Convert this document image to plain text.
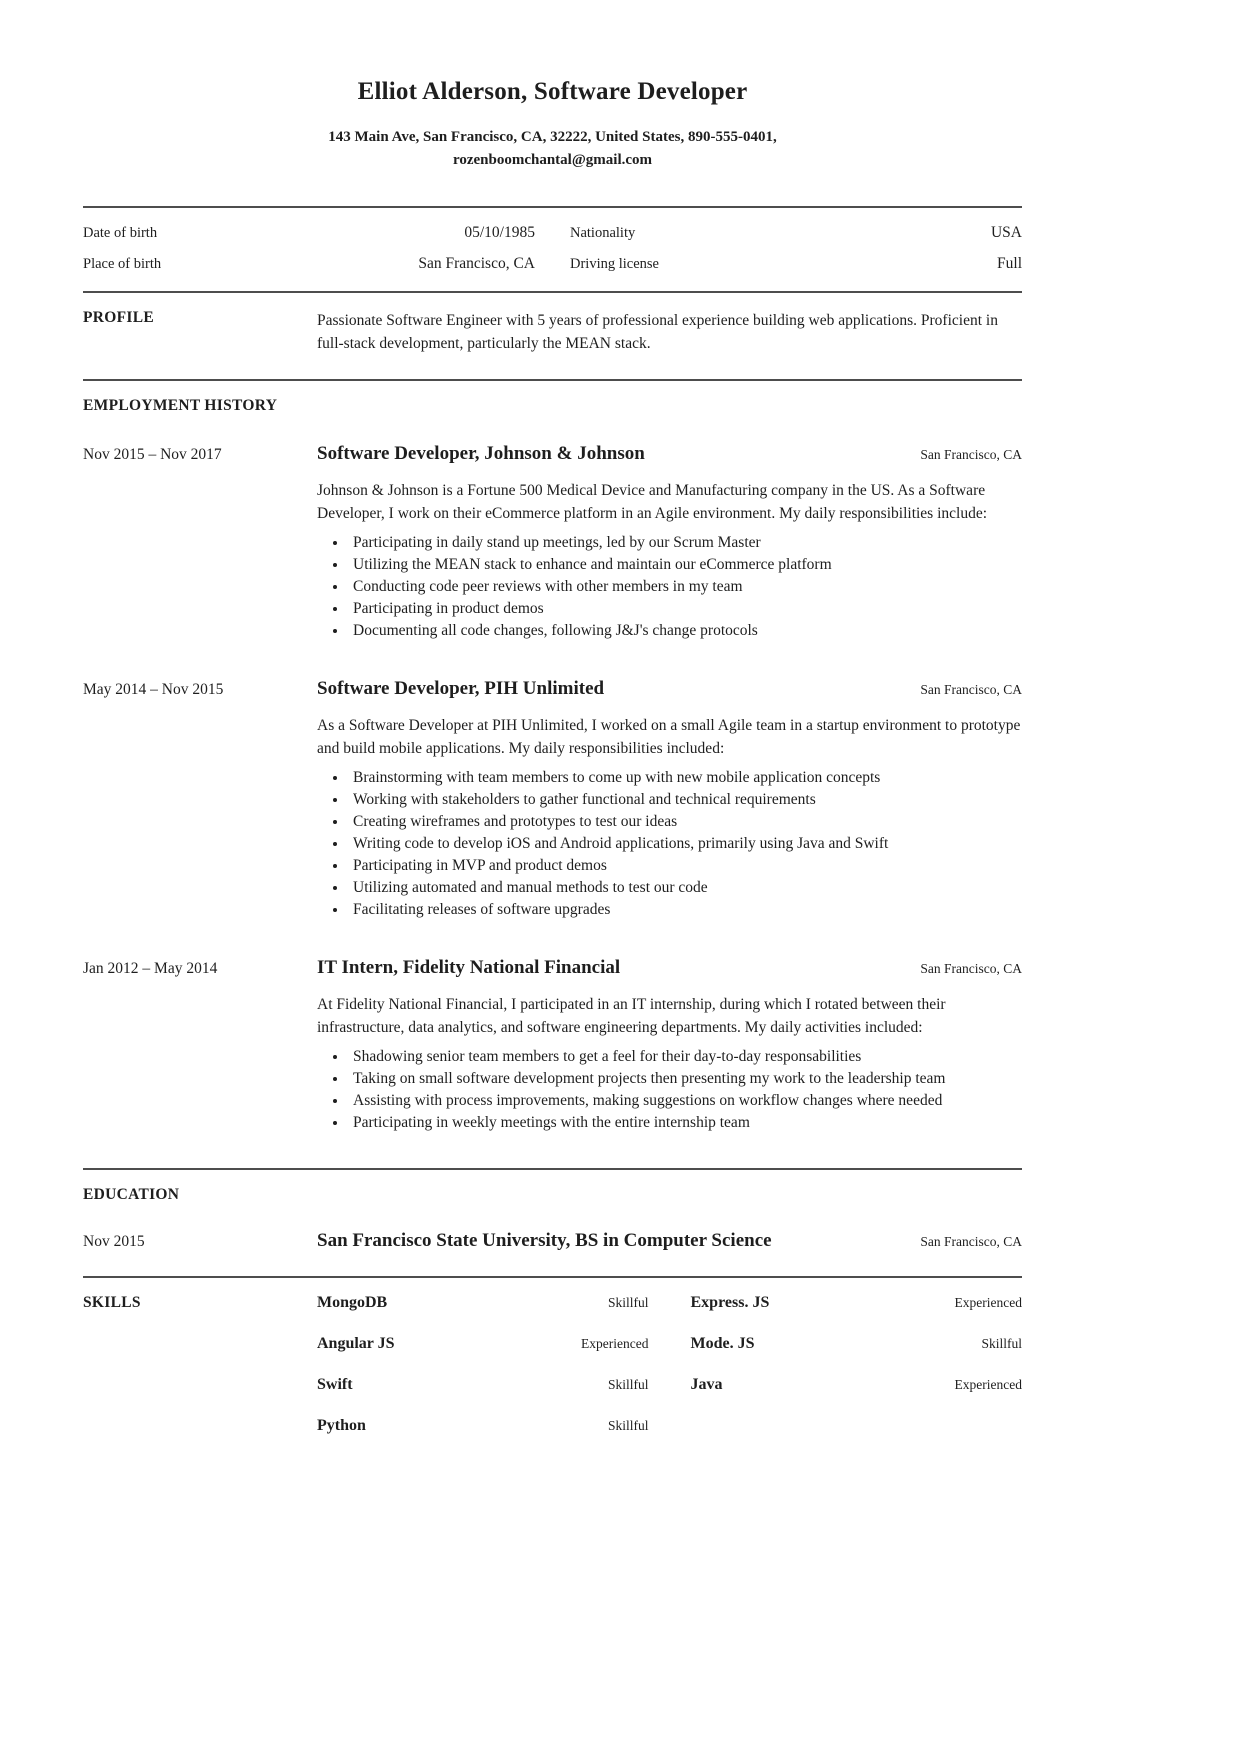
Elliot Alderson, Software Developer
143 Main Ave, San Francisco, CA, 32222, United States, 890-555-0401,
rozenboomchantal@gmail.com
Date of birth	05/10/1985	Nationality	USA
Place of birth	San Francisco, CA	Driving license	Full
PROFILE	Passionate Software Engineer with 5 years of professional experience building web applications. Proficient in full-stack development, particularly the MEAN stack.
EMPLOYMENT HISTORY
Nov 2015 – Nov 2017	Software Developer, Johnson & Johnson	San Francisco, CA
Johnson & Johnson is a Fortune 500 Medical Device and Manufacturing company in the US. As a Software Developer, I work on their eCommerce platform in an Agile environment. My daily responsibilities include:
• Participating in daily stand up meetings, led by our Scrum Master
• Utilizing the MEAN stack to enhance and maintain our eCommerce platform
• Conducting code peer reviews with other members in my team
• Participating in product demos
• Documenting all code changes, following J&J's change protocols
May 2014 – Nov 2015	Software Developer, PIH Unlimited	San Francisco, CA
As a Software Developer at PIH Unlimited, I worked on a small Agile team in a startup environment to prototype and build mobile applications. My daily responsibilities included:
• Brainstorming with team members to come up with new mobile application concepts
• Working with stakeholders to gather functional and technical requirements
• Creating wireframes and prototypes to test our ideas
• Writing code to develop iOS and Android applications, primarily using Java and Swift
• Participating in MVP and product demos
• Utilizing automated and manual methods to test our code
• Facilitating releases of software upgrades
Jan 2012 – May 2014	IT Intern, Fidelity National Financial	San Francisco, CA
At Fidelity National Financial, I participated in an IT internship, during which I rotated between their infrastructure, data analytics, and software engineering departments. My daily activities included:
• Shadowing senior team members to get a feel for their day-to-day responsabilities
• Taking on small software development projects then presenting my work to the leadership team
• Assisting with process improvements, making suggestions on workflow changes where needed
• Participating in weekly meetings with the entire internship team
EDUCATION
Nov 2015	San Francisco State University, BS in Computer Science	San Francisco, CA
SKILLS	MongoDB	Skillful	Express. JS	Experienced
Angular JS	Experienced	Mode. JS	Skillful
Swift	Skillful	Java	Experienced
Python	Skillful
